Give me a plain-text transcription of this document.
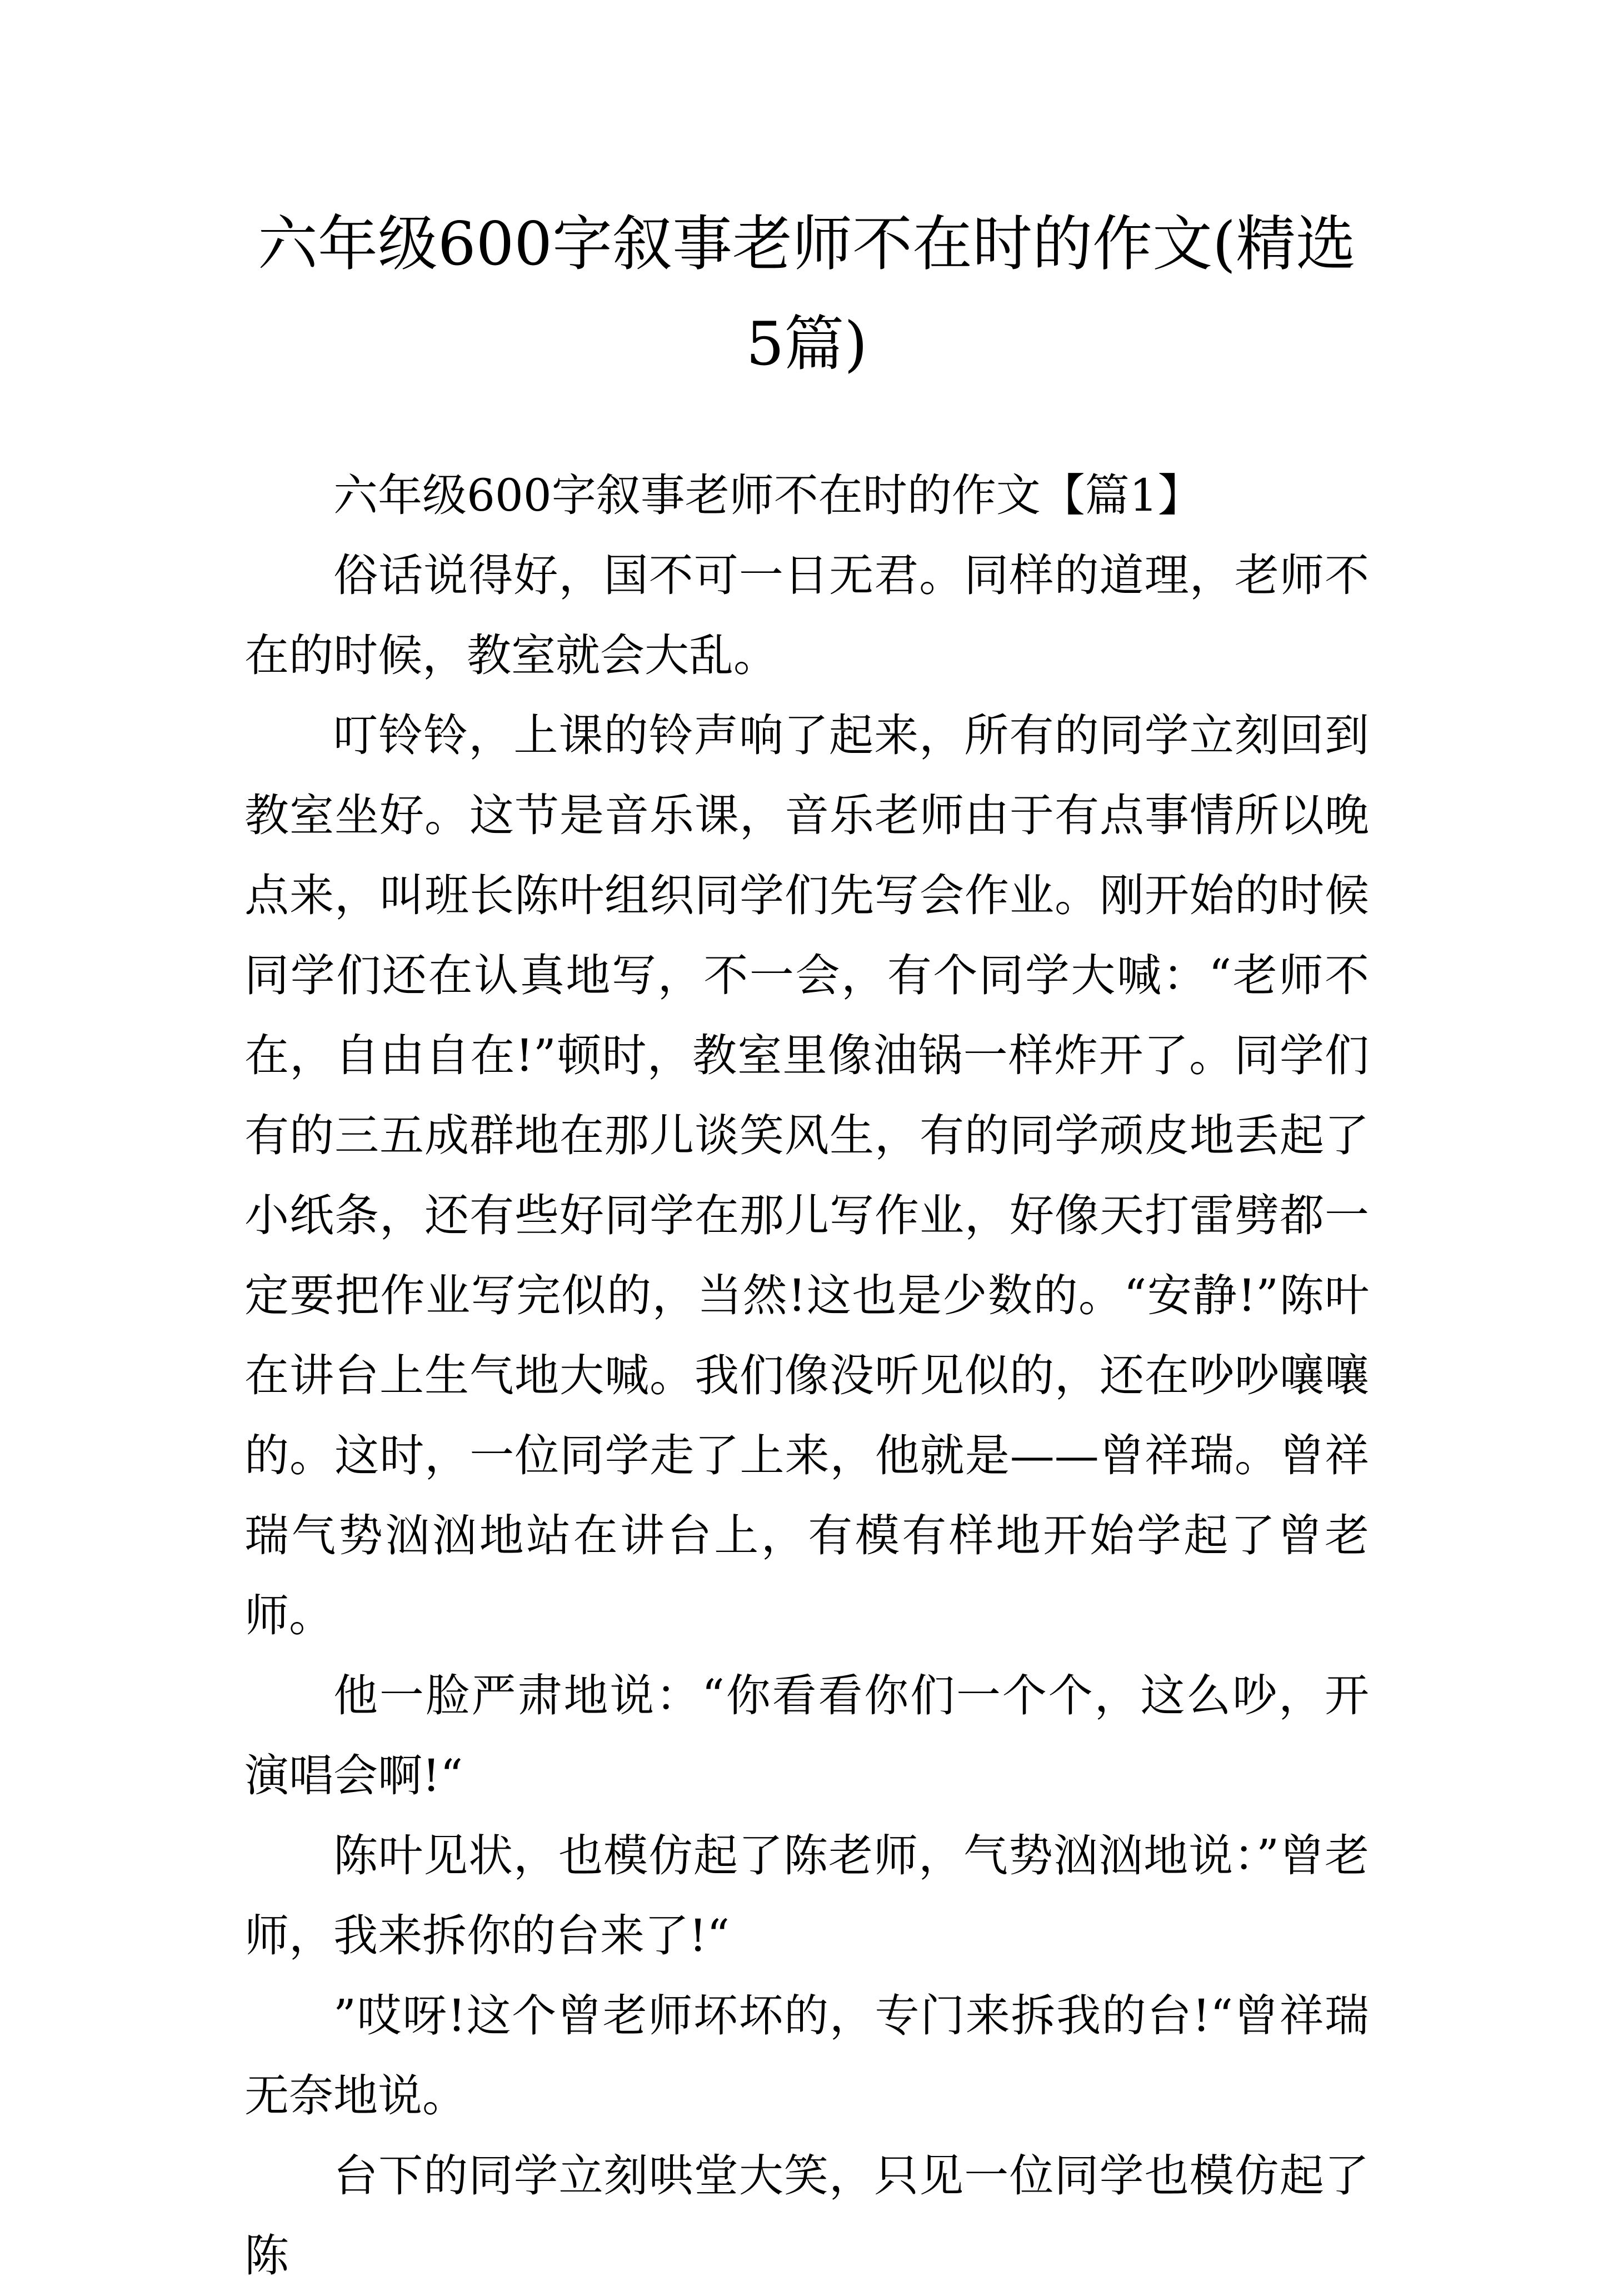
六年级600字叙事老师不在时的作文(精选
5篇)

六年级600字叙事老师不在时的作文【篇1】

俗话说得好，国不可一日无君。同样的道理，老师不在的时候，教室就会大乱。

叮铃铃，上课的铃声响了起来，所有的同学立刻回到教室坐好。这节是音乐课，音乐老师由于有点事情所以晚点来，叫班长陈叶组织同学们先写会作业。刚开始的时候同学们还在认真地写，不一会，有个同学大喊：“老师不在，自由自在!”顿时，教室里像油锅一样炸开了。同学们有的三五成群地在那儿谈笑风生，有的同学顽皮地丢起了小纸条，还有些好同学在那儿写作业，好像天打雷劈都一定要把作业写完似的，当然!这也是少数的。“安静!”陈叶在讲台上生气地大喊。我们像没听见似的，还在吵吵嚷嚷的。这时，一位同学走了上来，他就是——曾祥瑞。曾祥瑞气势汹汹地站在讲台上，有模有样地开始学起了曾老师。

他一脸严肃地说：“你看看你们一个个，这么吵，开演唱会啊!“

陈叶见状，也模仿起了陈老师，气势汹汹地说：”曾老师，我来拆你的台来了!“

”哎呀!这个曾老师坏坏的，专门来拆我的台!“曾祥瑞无奈地说。

台下的同学立刻哄堂大笑，只见一位同学也模仿起了陈
